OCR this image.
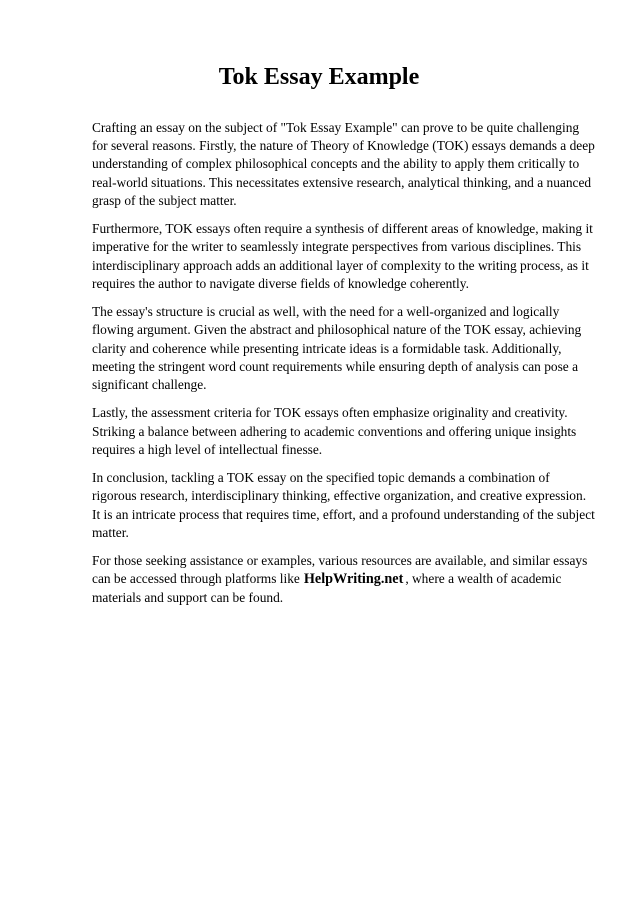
Tok Essay Example

Crafting an essay on the subject of "Tok Essay Example" can prove to be quite challenging for several reasons. Firstly, the nature of Theory of Knowledge (TOK) essays demands a deep understanding of complex philosophical concepts and the ability to apply them critically to real-world situations. This necessitates extensive research, analytical thinking, and a nuanced grasp of the subject matter.

Furthermore, TOK essays often require a synthesis of different areas of knowledge, making it imperative for the writer to seamlessly integrate perspectives from various disciplines. This interdisciplinary approach adds an additional layer of complexity to the writing process, as it requires the author to navigate diverse fields of knowledge coherently.

The essay's structure is crucial as well, with the need for a well-organized and logically flowing argument. Given the abstract and philosophical nature of the TOK essay, achieving clarity and coherence while presenting intricate ideas is a formidable task. Additionally, meeting the stringent word count requirements while ensuring depth of analysis can pose a significant challenge.

Lastly, the assessment criteria for TOK essays often emphasize originality and creativity. Striking a balance between adhering to academic conventions and offering unique insights requires a high level of intellectual finesse.

In conclusion, tackling a TOK essay on the specified topic demands a combination of rigorous research, interdisciplinary thinking, effective organization, and creative expression. It is an intricate process that requires time, effort, and a profound understanding of the subject matter.

For those seeking assistance or examples, various resources are available, and similar essays can be accessed through platforms like HelpWriting.net , where a wealth of academic materials and support can be found.
